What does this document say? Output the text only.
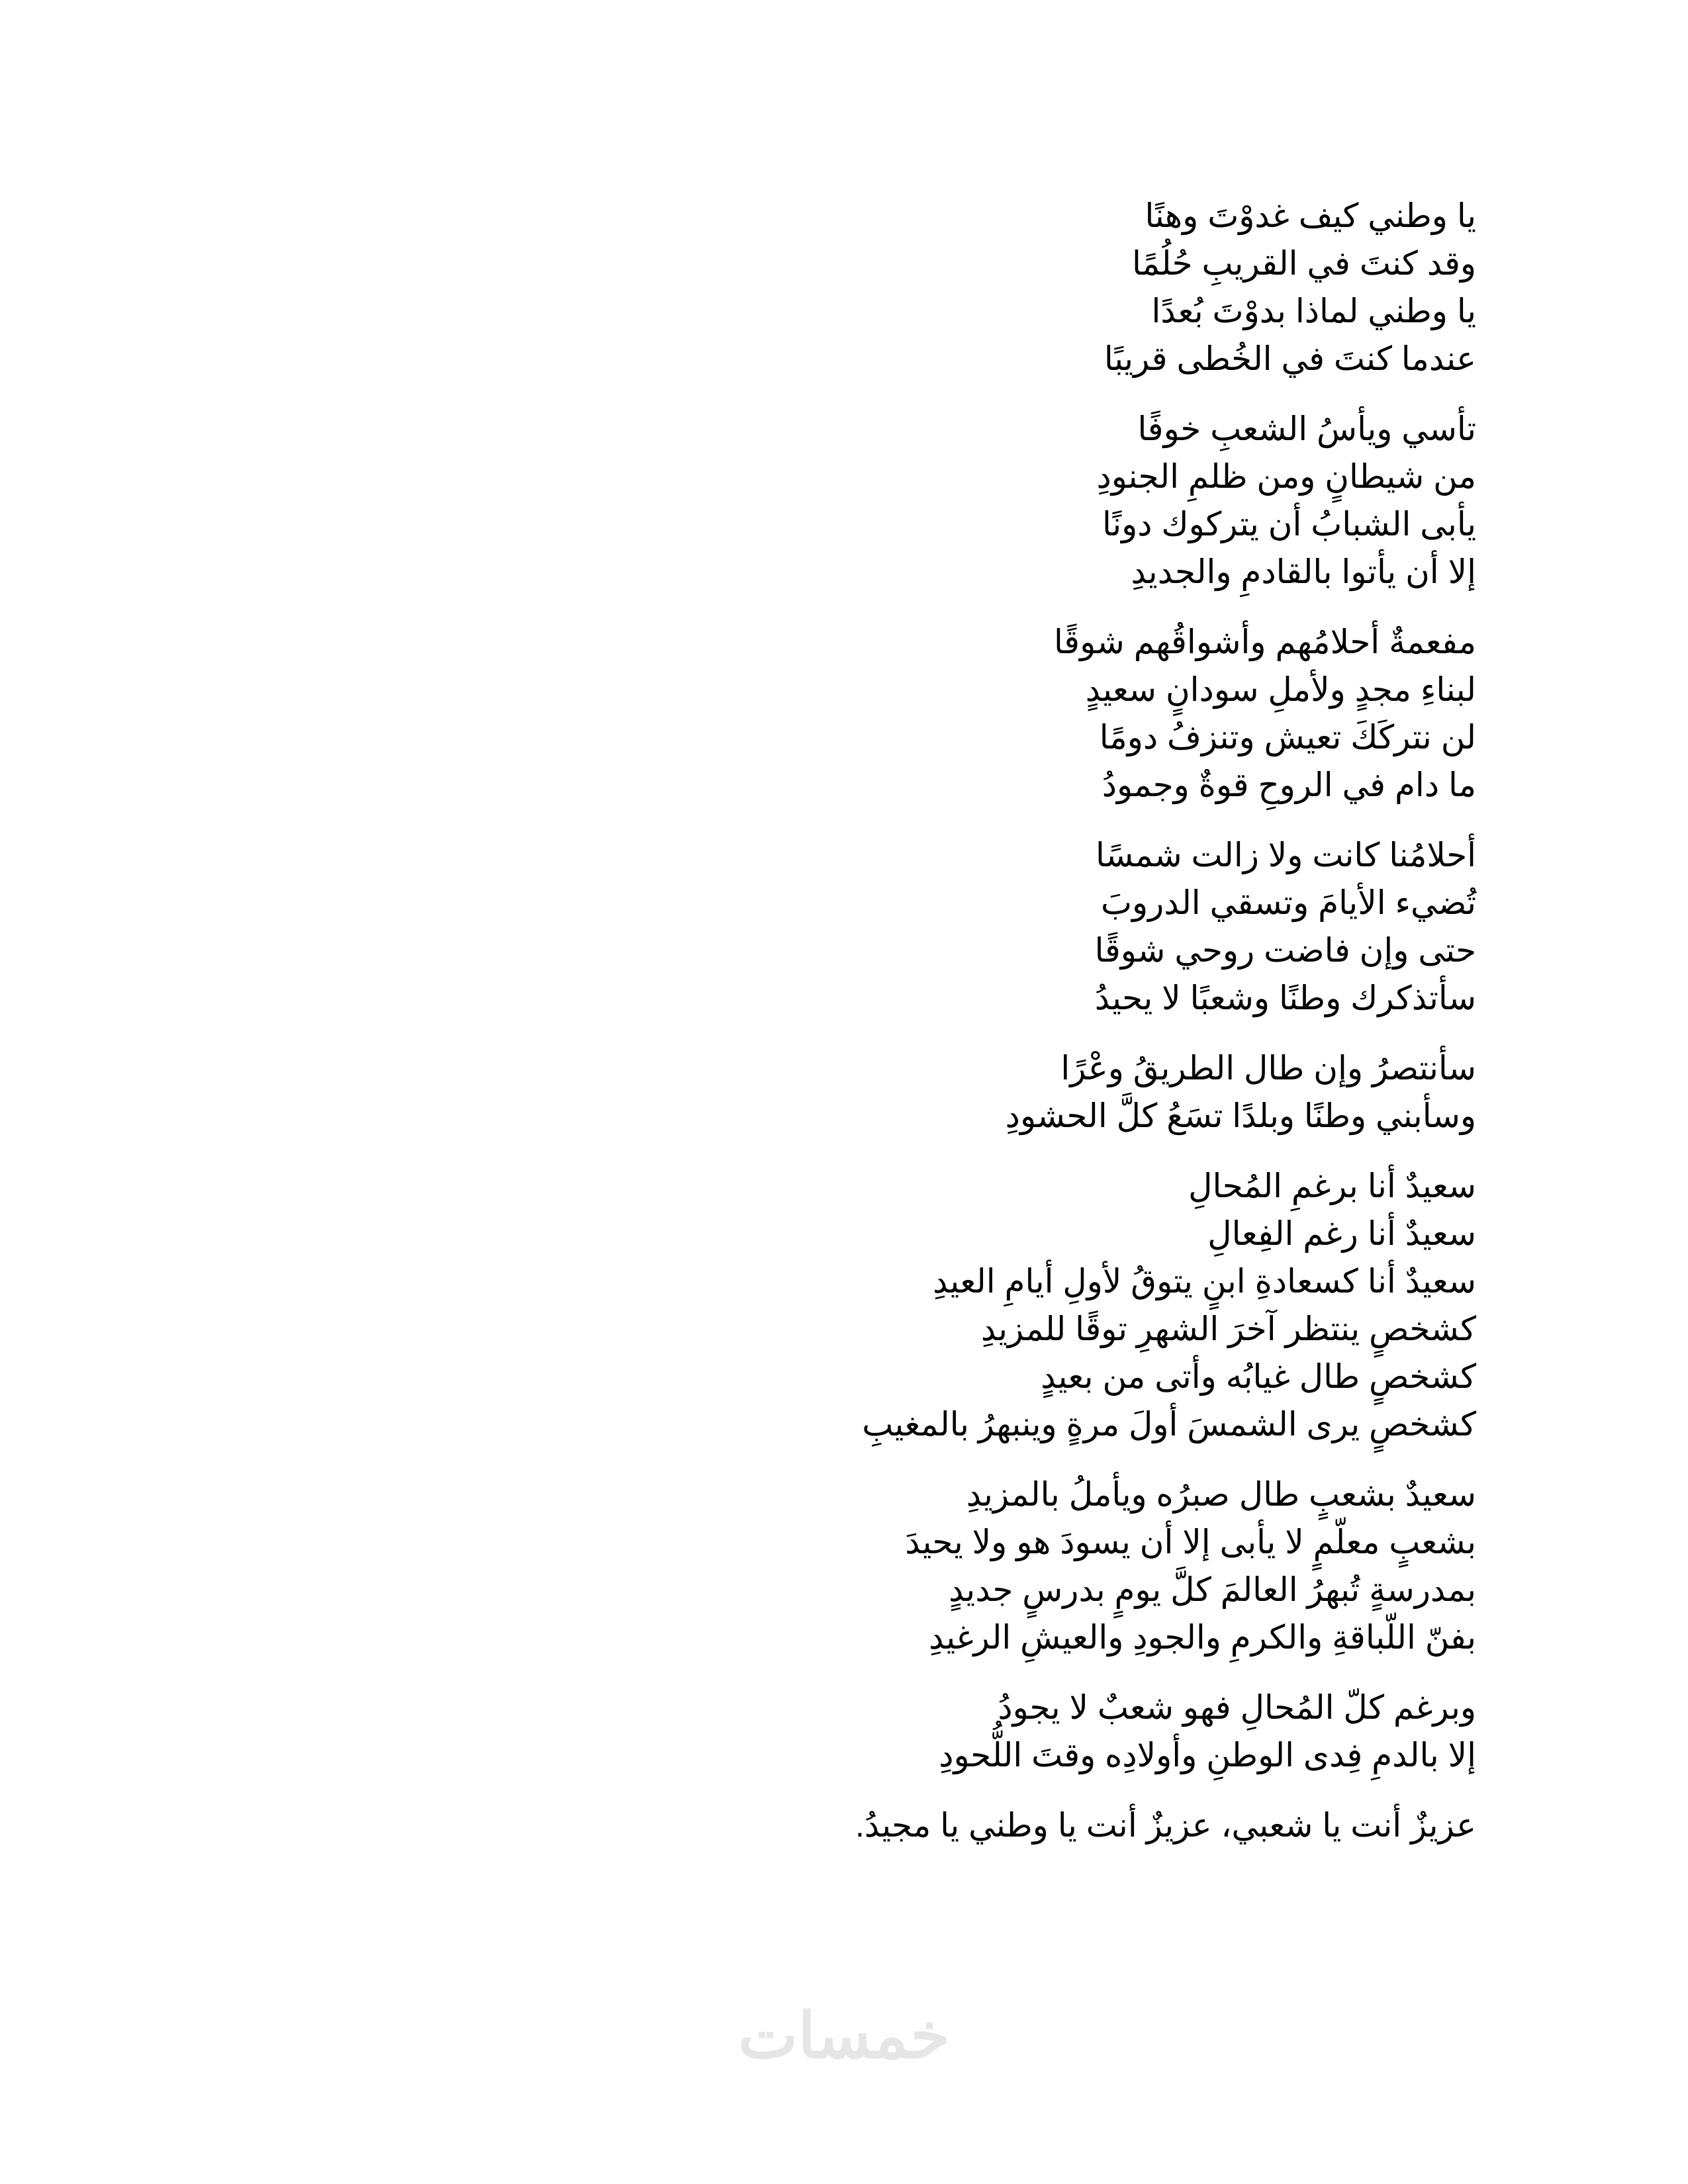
يا وطني كيف غدوْتَ وهنًا
وقد كنتَ في القريبِ حُلُمًا
يا وطني لماذا بدوْتَ بُعدًا
عندما كنتَ في الخُطى قريبًا
تأسي ويأسُ الشعبِ خوفًا
من شيطانٍ ومن ظلمِ الجنودِ
يأبى الشبابُ أن يتركوك دونًا
إلا أن يأتوا بالقادمِ والجديدِ
مفعمةٌ أحلامُهم وأشواقُهم شوقًا
لبناءِ مجدٍ ولأملِ سودانٍ سعيدٍ
لن نتركَكَ تعيش وتنزفُ دومًا
ما دام في الروحِ قوةٌ وجمودُ
أحلامُنا كانت ولا زالت شمسًا
تُضيء الأيامَ وتسقي الدروبَ
حتى وإن فاضت روحي شوقًا
سأتذكرك وطنًا وشعبًا لا يحيدُ
سأنتصرُ وإن طال الطريقُ وعْرًا
وسأبني وطنًا وبلدًا تسَعُ كلَّ الحشودِ
سعيدٌ أنا برغمِ المُحالِ
سعيدٌ أنا رغم الفِعالِ
سعيدٌ أنا كسعادةِ ابنٍ يتوقُ لأولِ أيامِ العيدِ
كشخصٍ ينتظر آخرَ الشهرِ توقًا للمزيدِ
كشخصٍ طال غيابُه وأتى من بعيدٍ
كشخصٍ يرى الشمسَ أولَ مرةٍ وينبهرُ بالمغيبِ
سعيدٌ بشعبٍ طال صبرُه ويأملُ بالمزيدِ
بشعبٍ معلّمٍ لا يأبى إلا أن يسودَ هو ولا يحيدَ
بمدرسةٍ تُبهرُ العالمَ كلَّ يومٍ بدرسٍ جديدٍ
بفنّ اللّباقةِ والكرمِ والجودِ والعيشِ الرغيدِ
وبرغم كلّ المُحالِ فهو شعبٌ لا يجودُ
إلا بالدمِ فِدى الوطنِ وأولادِه وقتَ اللُّحودِ
عزيزٌ أنت يا شعبي، عزيزٌ أنت يا وطني يا مجيدُ.
خمسات
